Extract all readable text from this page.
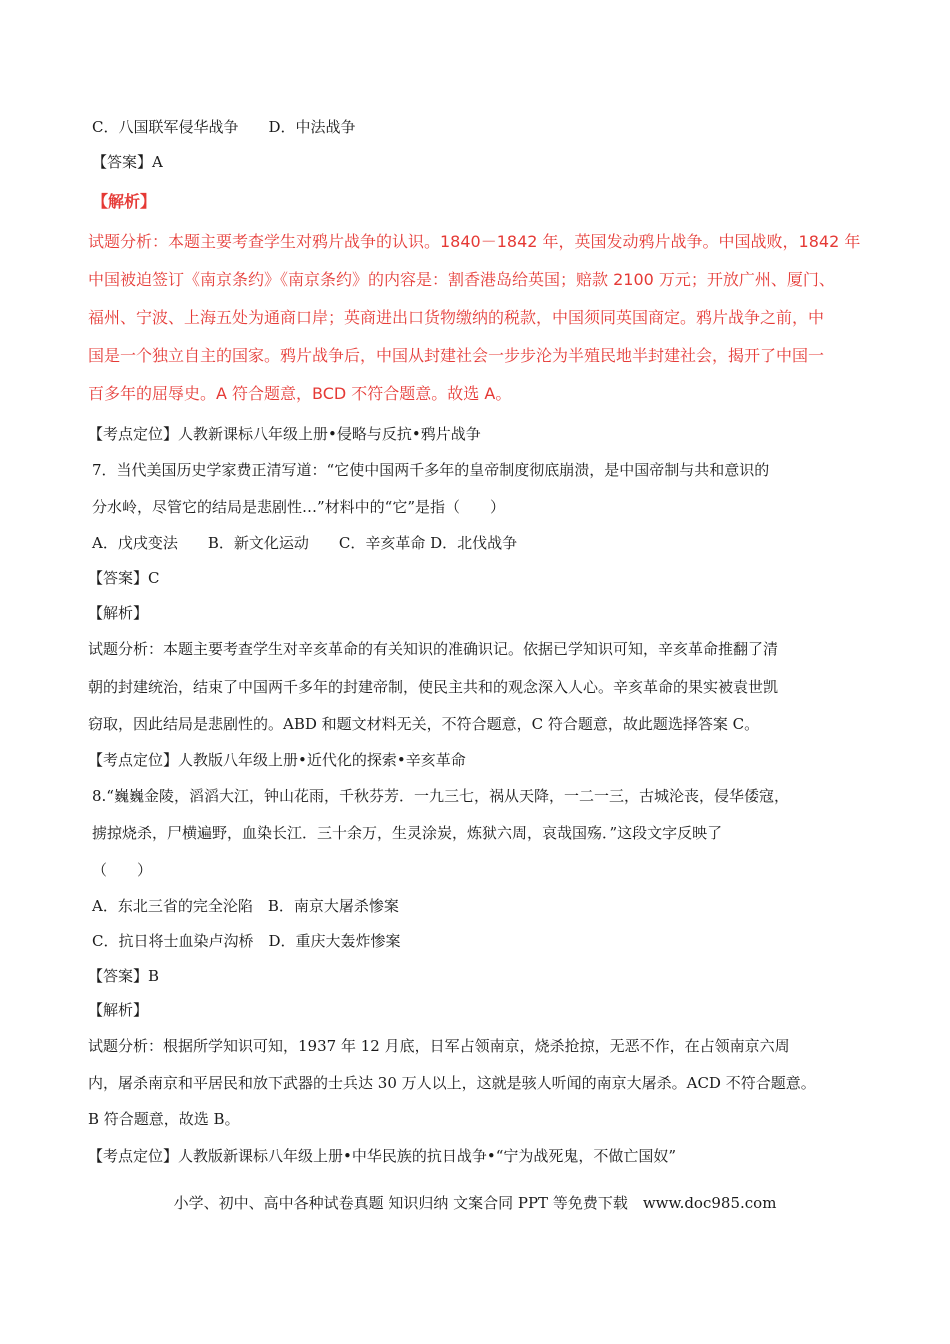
C．八国联军侵华战争　　D．中法战争
【答案】A
【解析】
试题分析：本题主要考查学生对鸦片战争的认识。1840－1842 年，英国发动鸦片战争。中国战败，1842 年
中国被迫签订《南京条约》《南京条约》的内容是：割香港岛给英国；赔款 2100 万元；开放广州、厦门、
福州、宁波、上海五处为通商口岸；英商进出口货物缴纳的税款，中国须同英国商定。鸦片战争之前，中
国是一个独立自主的国家。鸦片战争后，中国从封建社会一步步沦为半殖民地半封建社会，揭开了中国一
百多年的屈辱史。A 符合题意，BCD 不符合题意。故选 A。
【考点定位】人教新课标八年级上册•侵略与反抗•鸦片战争
7．当代美国历史学家费正清写道：“它使中国两千多年的皇帝制度彻底崩溃，是中国帝制与共和意识的
分水岭，尽管它的结局是悲剧性…”材料中的“它”是指（　　）
A．戊戌变法　　B．新文化运动　　C．辛亥革命 D．北伐战争
【答案】C
【解析】
试题分析：本题主要考查学生对辛亥革命的有关知识的准确识记。依据已学知识可知，辛亥革命推翻了清
朝的封建统治，结束了中国两千多年的封建帝制，使民主共和的观念深入人心。辛亥革命的果实被袁世凯
窃取，因此结局是悲剧性的。ABD 和题文材料无关，不符合题意，C 符合题意，故此题选择答案 C。
【考点定位】人教版八年级上册•近代化的探索•辛亥革命
8.“巍巍金陵，滔滔大江，钟山花雨，千秋芬芳．一九三七，祸从天降，一二一三，古城沦丧，侵华倭寇，
掳掠烧杀，尸横遍野，血染长江．三十余万，生灵涂炭，炼狱六周，哀哉国殇．”这段文字反映了
（　　）
A．东北三省的完全沦陷　B．南京大屠杀惨案
C．抗日将士血染卢沟桥　D．重庆大轰炸惨案
【答案】B
【解析】
试题分析：根据所学知识可知，1937 年 12 月底，日军占领南京，烧杀抢掠，无恶不作，在占领南京六周
内，屠杀南京和平居民和放下武器的士兵达 30 万人以上，这就是骇人听闻的南京大屠杀。ACD 不符合题意。
B 符合题意，故选 B。
【考点定位】人教版新课标八年级上册•中华民族的抗日战争•“宁为战死鬼，不做亡国奴”
小学、初中、高中各种试卷真题 知识归纳 文案合同 PPT 等免费下载　www.doc985.com
